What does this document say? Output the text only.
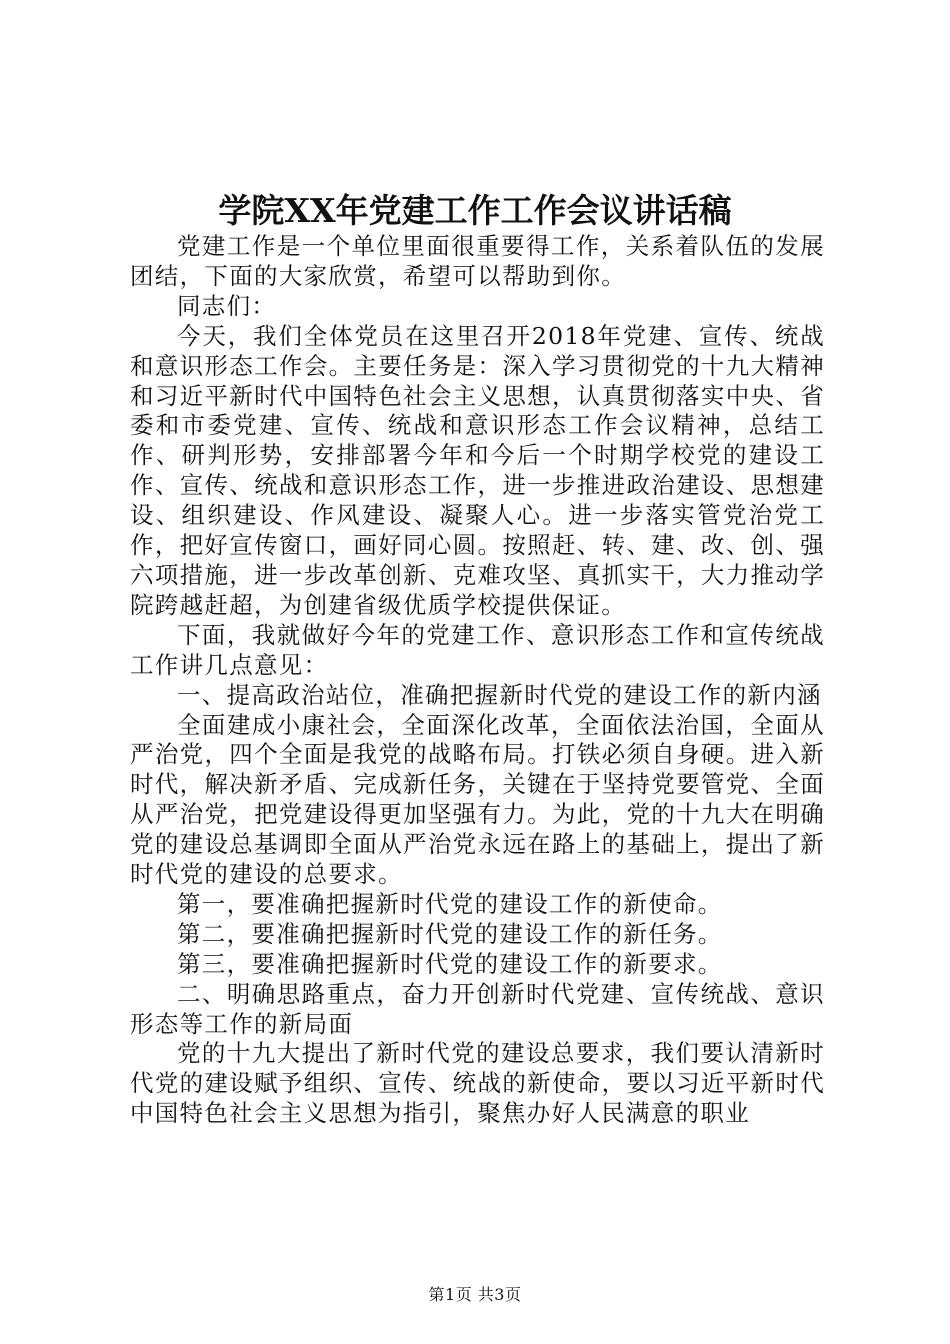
学院XX年党建工作工作会议讲话稿

党建工作是一个单位里面很重要得工作，关系着队伍的发展团结，下面的大家欣赏，希望可以帮助到你。

同志们：

今天，我们全体党员在这里召开2018年党建、宣传、统战和意识形态工作会。主要任务是：深入学习贯彻党的十九大精神和习近平新时代中国特色社会主义思想，认真贯彻落实中央、省委和市委党建、宣传、统战和意识形态工作会议精神，总结工作、研判形势，安排部署今年和今后一个时期学校党的建设工作、宣传、统战和意识形态工作，进一步推进政治建设、思想建设、组织建设、作风建设、凝聚人心。进一步落实管党治党工作，把好宣传窗口，画好同心圆。按照赶、转、建、改、创、强六项措施，进一步改革创新、克难攻坚、真抓实干，大力推动学院跨越赶超，为创建省级优质学校提供保证。

下面，我就做好今年的党建工作、意识形态工作和宣传统战工作讲几点意见：

一、提高政治站位，准确把握新时代党的建设工作的新内涵

全面建成小康社会，全面深化改革，全面依法治国，全面从严治党，四个全面是我党的战略布局。打铁必须自身硬。进入新时代，解决新矛盾、完成新任务，关键在于坚持党要管党、全面从严治党，把党建设得更加坚强有力。为此，党的十九大在明确党的建设总基调即全面从严治党永远在路上的基础上，提出了新时代党的建设的总要求。

第一，要准确把握新时代党的建设工作的新使命。

第二，要准确把握新时代党的建设工作的新任务。

第三，要准确把握新时代党的建设工作的新要求。

二、明确思路重点，奋力开创新时代党建、宣传统战、意识形态等工作的新局面

党的十九大提出了新时代党的建设总要求，我们要认清新时代党的建设赋予组织、宣传、统战的新使命，要以习近平新时代中国特色社会主义思想为指引，聚焦办好人民满意的职业

第1页 共3页
